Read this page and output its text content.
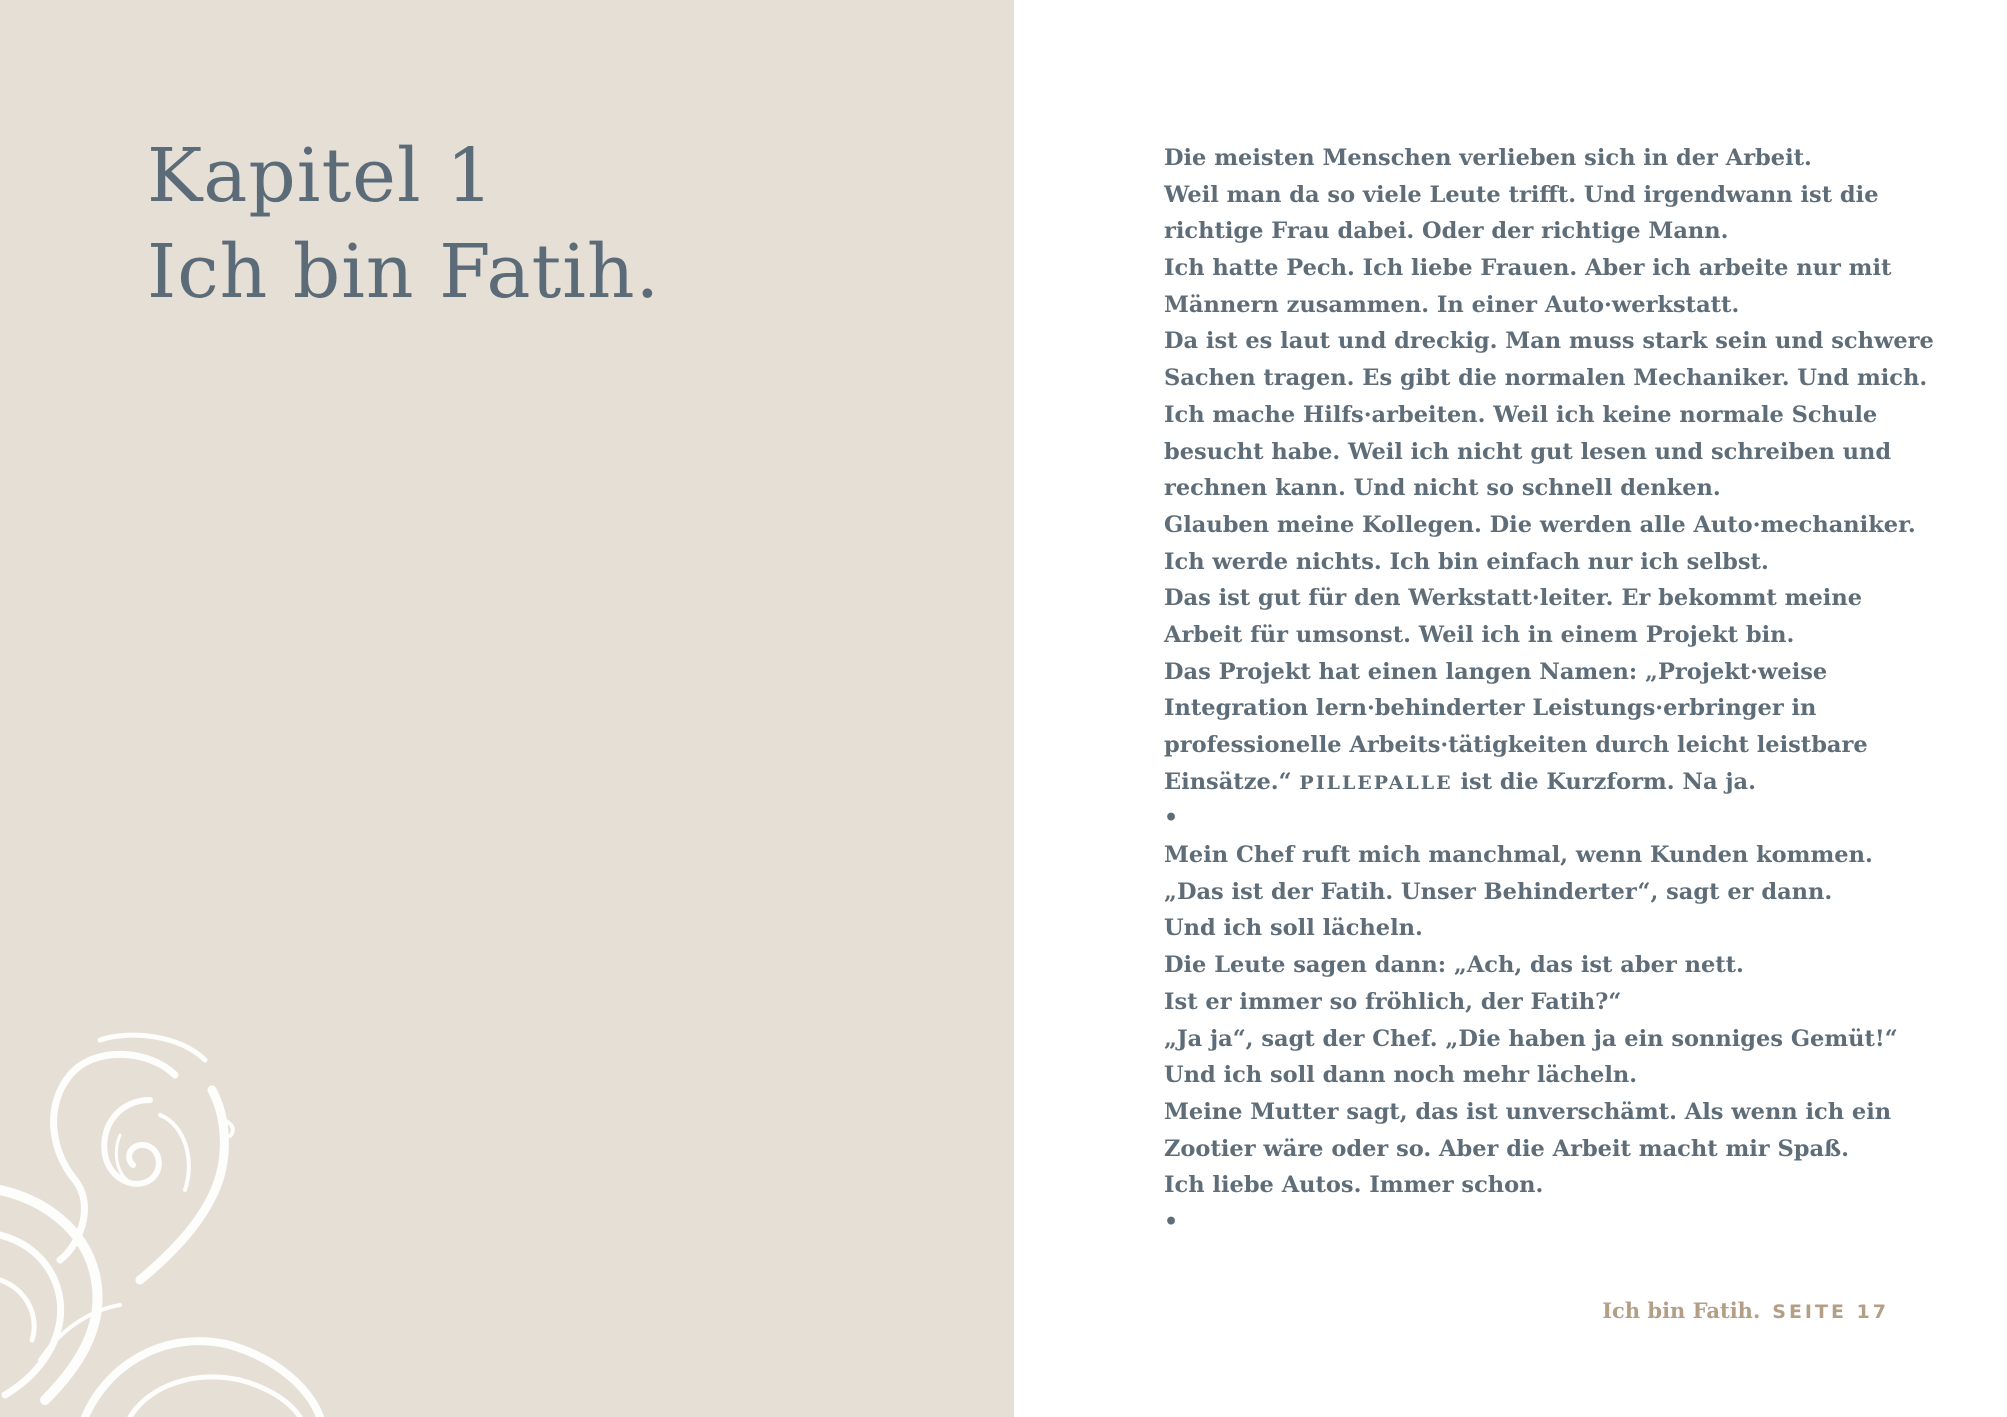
Kapitel 1
Ich bin Fatih.
Die meisten Menschen verlieben sich in der Arbeit.
Weil man da so viele Leute trifft. Und irgendwann ist die
richtige Frau dabei. Oder der richtige Mann.
Ich hatte Pech. Ich liebe Frauen. Aber ich arbeite nur mit
Männern zusammen. In einer Auto·werkstatt.
Da ist es laut und dreckig. Man muss stark sein und schwere
Sachen tragen. Es gibt die normalen Mechaniker. Und mich.
Ich mache Hilfs·arbeiten. Weil ich keine normale Schule
besucht habe. Weil ich nicht gut lesen und schreiben und
rechnen kann. Und nicht so schnell denken.
Glauben meine Kollegen. Die werden alle Auto·mechaniker.
Ich werde nichts. Ich bin einfach nur ich selbst.
Das ist gut für den Werkstatt·leiter. Er bekommt meine
Arbeit für umsonst. Weil ich in einem Projekt bin.
Das Projekt hat einen langen Namen: „Projekt·weise
Integration lern·behinderter Leistungs·erbringer in
professionelle Arbeits·tätigkeiten durch leicht leistbare
Einsätze.“ PILLEPALLE ist die Kurzform. Na ja.
•
Mein Chef ruft mich manchmal, wenn Kunden kommen.
„Das ist der Fatih. Unser Behinderter“, sagt er dann.
Und ich soll lächeln.
Die Leute sagen dann: „Ach, das ist aber nett.
Ist er immer so fröhlich, der Fatih?“
„Ja ja“, sagt der Chef. „Die haben ja ein sonniges Gemüt!“
Und ich soll dann noch mehr lächeln.
Meine Mutter sagt, das ist unverschämt. Als wenn ich ein
Zootier wäre oder so. Aber die Arbeit macht mir Spaß.
Ich liebe Autos. Immer schon.
•
Ich bin Fatih. SEITE 17
